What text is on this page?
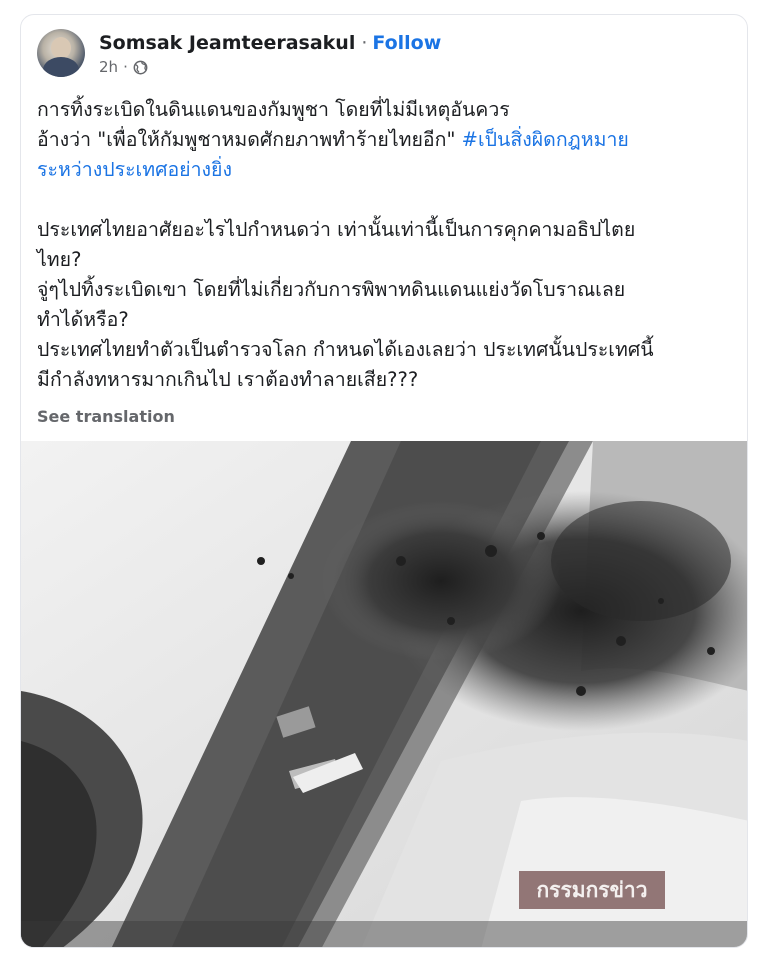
Somsak Jeamteerasakul · Follow
2h ·

การทิ้งระเบิดในดินแดนของกัมพูชา โดยที่ไม่มีเหตุอันควร

อ้างว่า "เพื่อให้กัมพูชาหมดศักยภาพทำร้ายไทยอีก" #เป็นสิ่งผิดกฎหมาย

ระหว่างประเทศอย่างยิ่ง

ประเทศไทยอาศัยอะไรไปกำหนดว่า เท่านั้นเท่านี้เป็นการคุกคามอธิปไตย

ไทย?

จู่ๆไปทิ้งระเบิดเขา โดยที่ไม่เกี่ยวกับการพิพาทดินแดนแย่งวัดโบราณเลย

ทำได้หรือ?

ประเทศไทยทำตัวเป็นตำรวจโลก กำหนดได้เองเลยว่า ประเทศนั้นประเทศนี้

มีกำลังทหารมากเกินไป เราต้องทำลายเสีย???

See translation
กรรมกรข่าว
